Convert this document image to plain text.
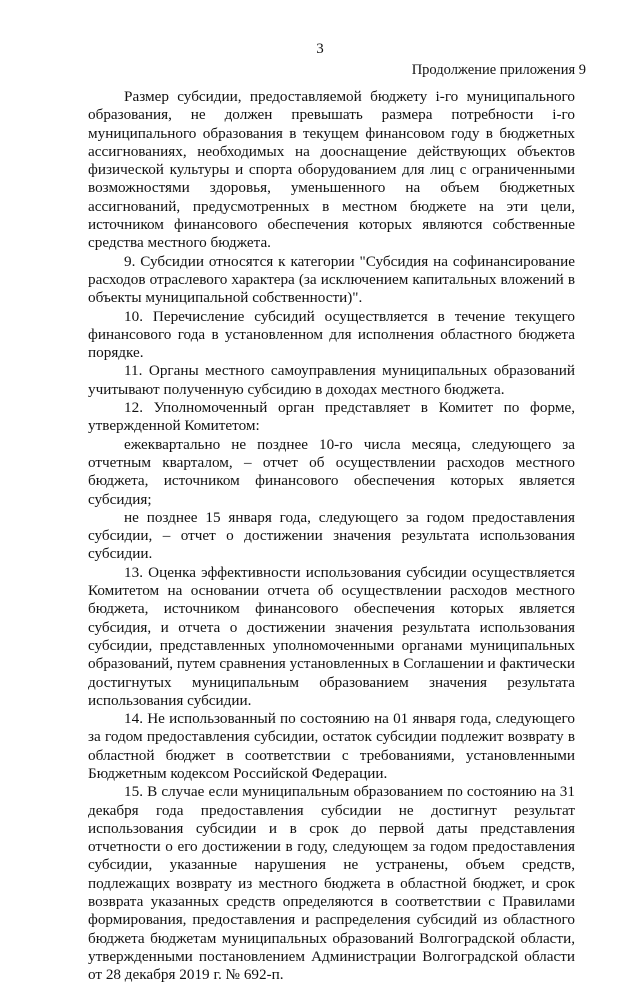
3
Продолжение приложения 9

Размер субсидии, предоставляемой бюджету i-го муниципального образования, не должен превышать размера потребности i-го муниципального образования в текущем финансовом году в бюджетных ассигнованиях, необходимых на дооснащение действующих объектов физической культуры и спорта оборудованием для лиц с ограниченными возможностями здоровья, уменьшенного на объем бюджетных ассигнований, предусмотренных в местном бюджете на эти цели, источником финансового обеспечения которых являются собственные средства местного бюджета.

9. Субсидии относятся к категории "Субсидия на софинансирование расходов отраслевого характера (за исключением капитальных вложений в объекты муниципальной собственности)".

10. Перечисление субсидий осуществляется в течение текущего финансового года в установленном для исполнения областного бюджета порядке.

11. Органы местного самоуправления муниципальных образований учитывают полученную субсидию в доходах местного бюджета.

12. Уполномоченный орган представляет в Комитет по форме, утвержденной Комитетом:

ежеквартально не позднее 10-го числа месяца, следующего за отчетным кварталом, – отчет об осуществлении расходов местного бюджета, источником финансового обеспечения которых является субсидия;

не позднее 15 января года, следующего за годом предоставления субсидии, – отчет о достижении значения результата использования субсидии.

13. Оценка эффективности использования субсидии осуществляется Комитетом на основании отчета об осуществлении расходов местного бюджета, источником финансового обеспечения которых является субсидия, и отчета о достижении значения результата использования субсидии, представленных уполномоченными органами муниципальных образований, путем сравнения установленных в Соглашении и фактически достигнутых муниципальным образованием значения результата использования субсидии.

14. Не использованный по состоянию на 01 января года, следующего за годом предоставления субсидии, остаток субсидии подлежит возврату в областной бюджет в соответствии с требованиями, установленными Бюджетным кодексом Российской Федерации.

15. В случае если муниципальным образованием по состоянию на 31 декабря года предоставления субсидии не достигнут результат использования субсидии и в срок до первой даты представления отчетности о его достижении в году, следующем за годом предоставления субсидии, указанные нарушения не устранены, объем средств, подлежащих возврату из местного бюджета в областной бюджет, и срок возврата указанных средств определяются в соответствии с Правилами формирования, предоставления и распределения субсидий из областного бюджета бюджетам муниципальных образований Волгоградской области, утвержденными постановлением Администрации Волгоградской области от 28 декабря 2019 г. № 692-п.
